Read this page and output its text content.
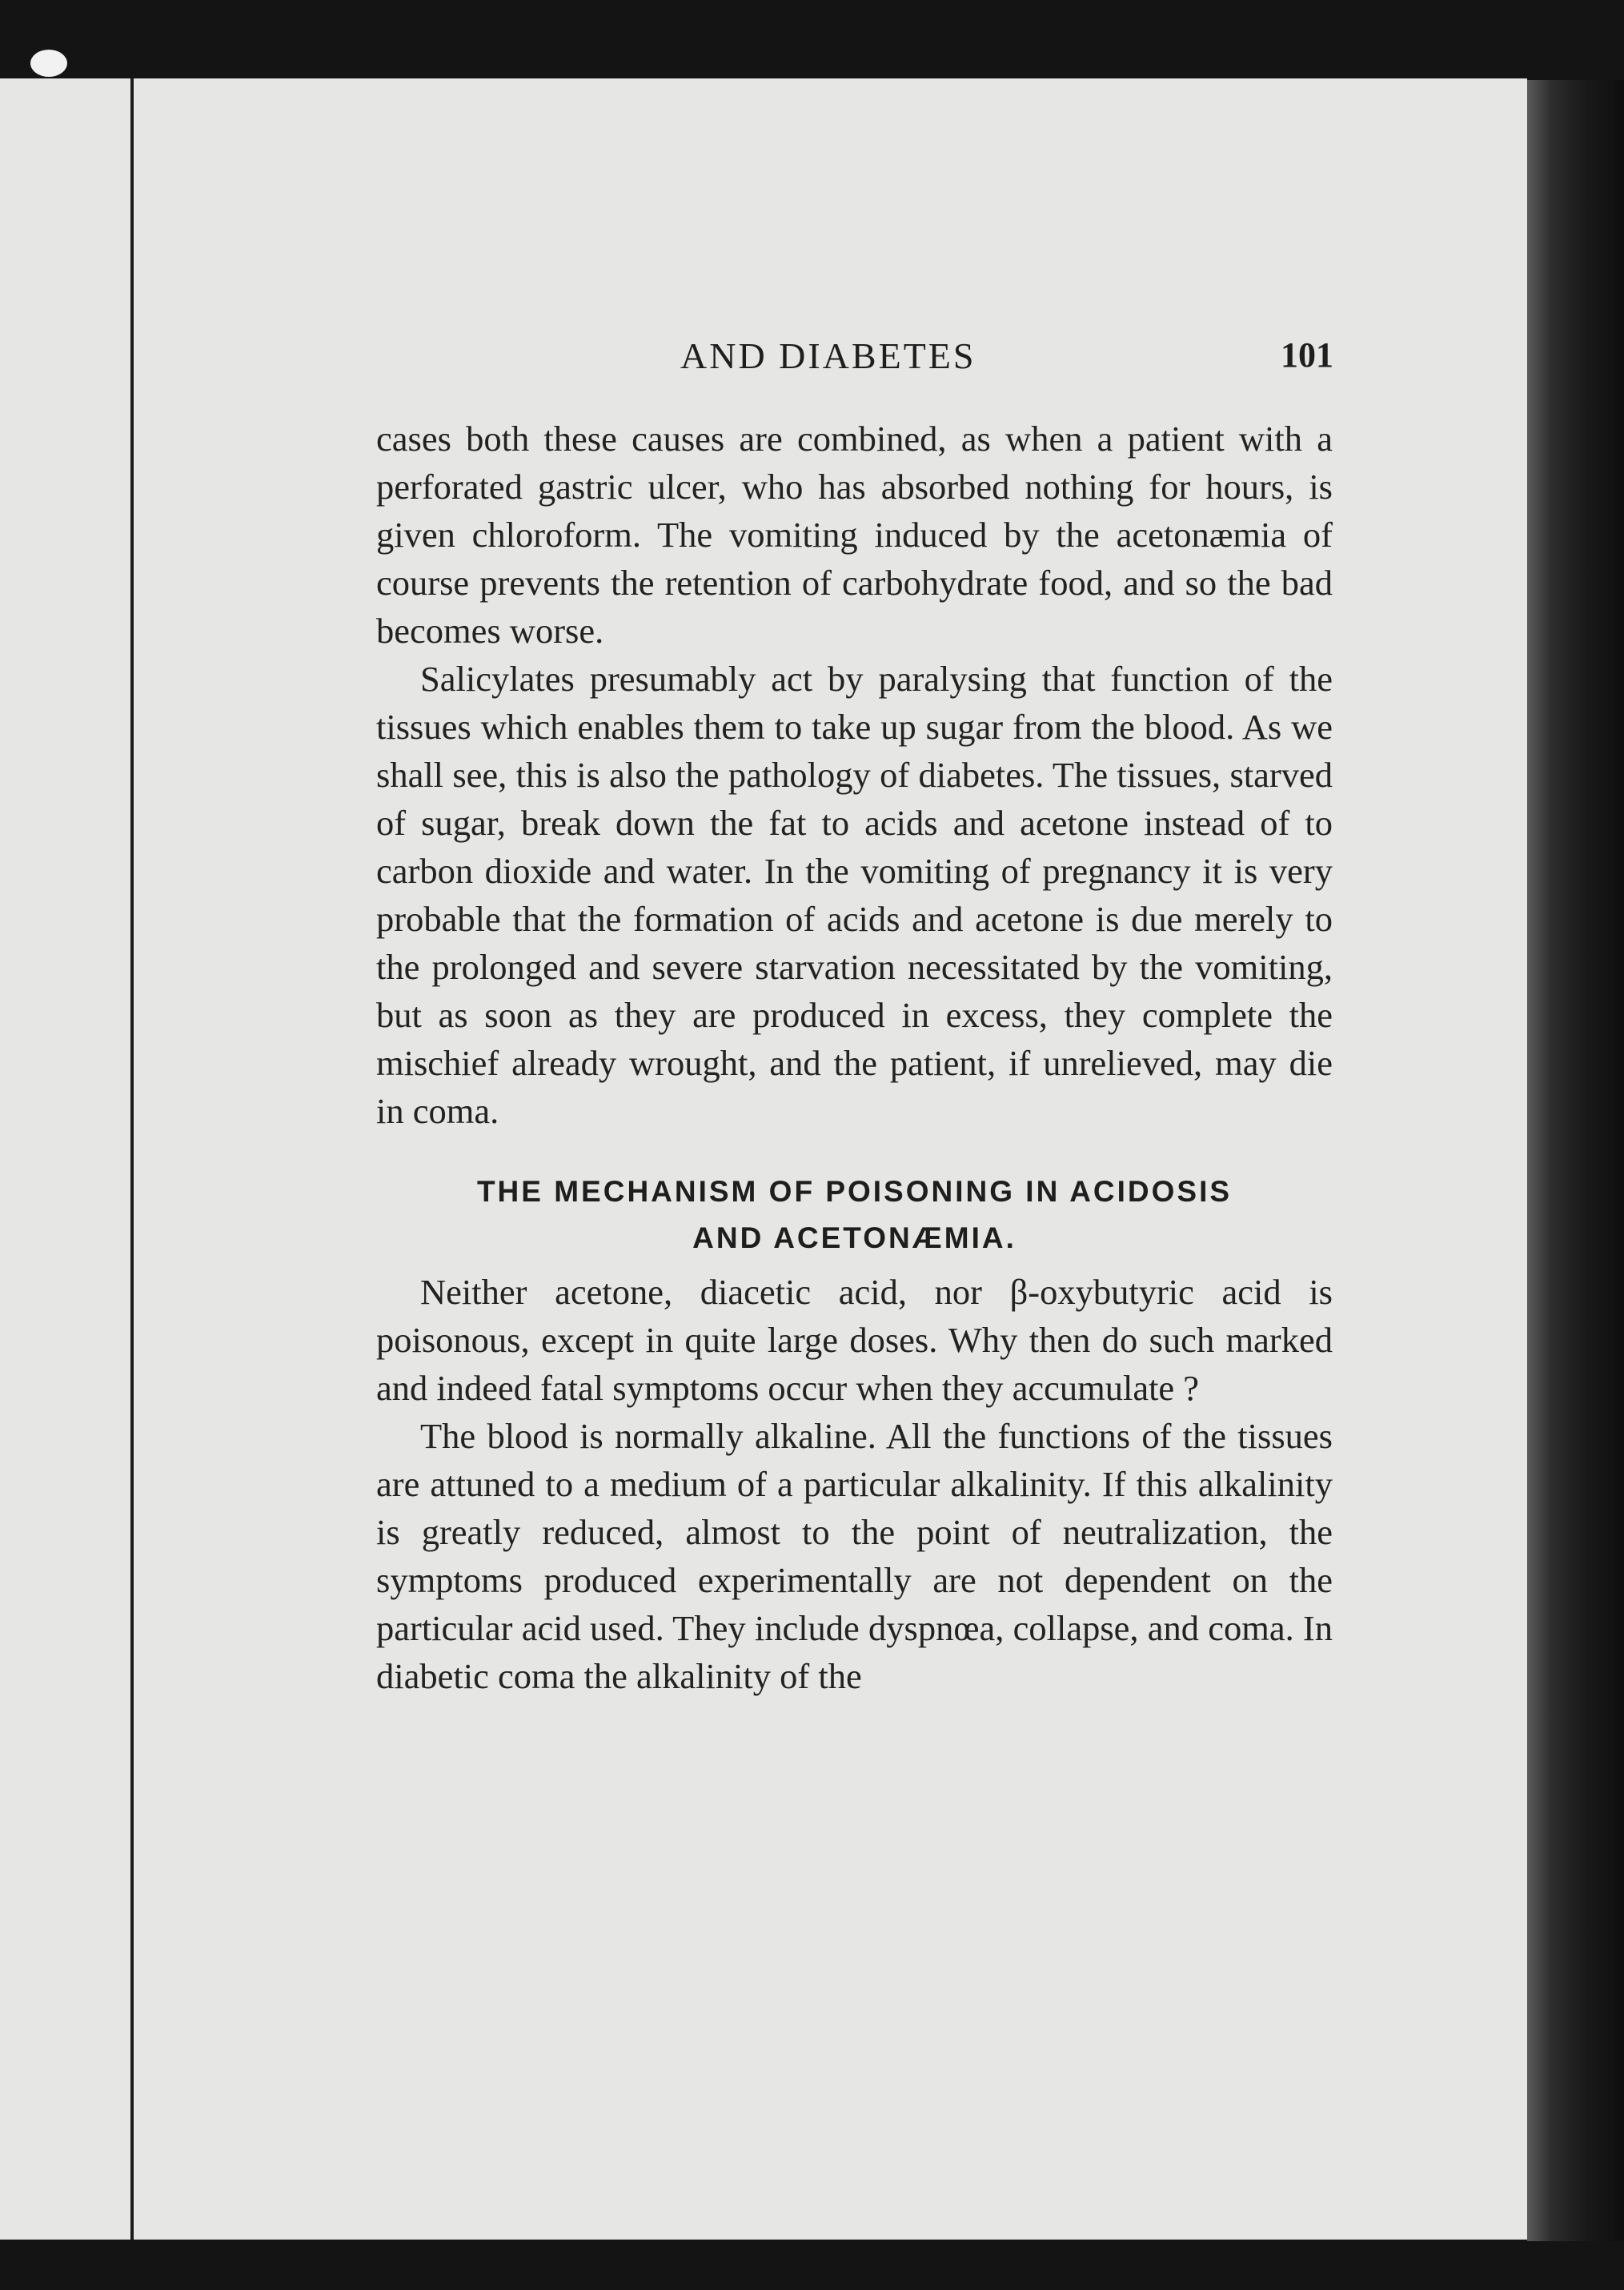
AND DIABETES	101

cases both these causes are combined, as when a patient with a perforated gastric ulcer, who has absorbed nothing for hours, is given chloroform. The vomiting induced by the acetonæmia of course prevents the retention of carbohydrate food, and so the bad becomes worse.

Salicylates presumably act by paralysing that function of the tissues which enables them to take up sugar from the blood. As we shall see, this is also the pathology of diabetes. The tissues, starved of sugar, break down the fat to acids and acetone instead of to carbon dioxide and water. In the vomiting of pregnancy it is very probable that the formation of acids and acetone is due merely to the prolonged and severe starvation necessitated by the vomiting, but as soon as they are produced in excess, they complete the mischief already wrought, and the patient, if unrelieved, may die in coma.

THE MECHANISM OF POISONING IN ACIDOSIS
AND ACETONÆMIA.

Neither acetone, diacetic acid, nor β-oxybutyric acid is poisonous, except in quite large doses. Why then do such marked and indeed fatal symptoms occur when they accumulate ?

The blood is normally alkaline. All the functions of the tissues are attuned to a medium of a particular alkalinity. If this alkalinity is greatly reduced, almost to the point of neutralization, the symptoms produced experimentally are not dependent on the particular acid used. They include dyspnœa, collapse, and coma. In diabetic coma the alkalinity of the
